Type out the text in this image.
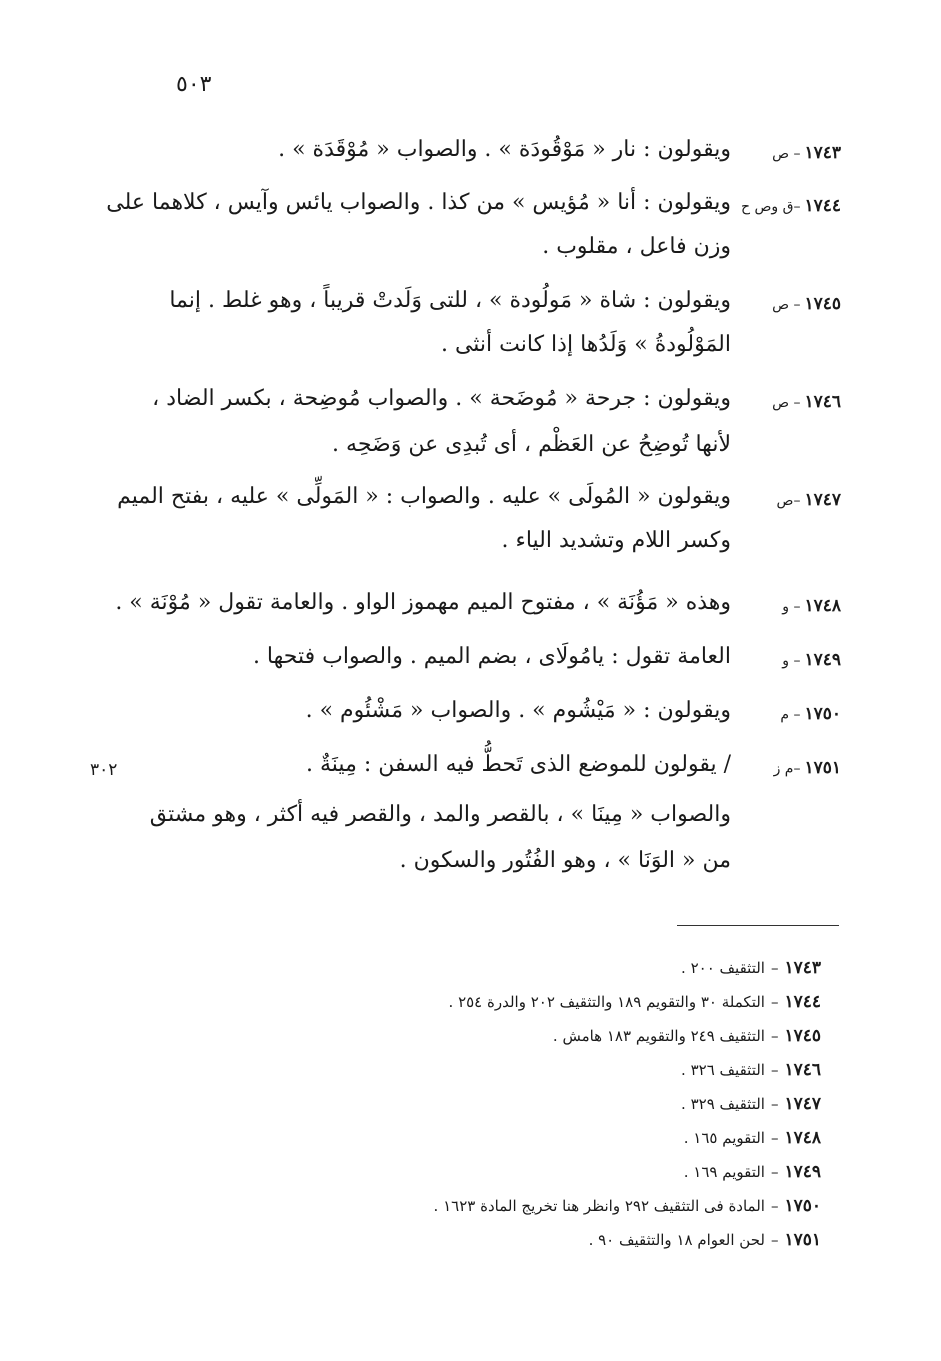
٥٠٣
١٧٤٣– ص
ويقولون : نار « مَوْقُودَة » . والصواب « مُوْقَدَة » .
١٧٤٤–ق وص ح
ويقولون : أنا « مُؤيس » من كذا . والصواب يائس وآيس ، كلاهما على
وزن فاعل ، مقلوب .
١٧٤٥– ص
ويقولون : شاة « مَولُودة » ، للتى وَلَدتْ قريباً ، وهو غلط . إنما
المَوْلُودةُ » وَلَدُها إذا كانت أنثى .
١٧٤٦– ص
ويقولون : جرحة « مُوضَحة » . والصواب مُوضِحة ، بكسر الضاد ،
لأنها تُوضِحُ عن العَظْم ، أى تُبدِى عن وَضَحِه .
١٧٤٧–ص
ويقولون « المُولَى » عليه . والصواب : « المَولِّى » عليه ، بفتح الميم
وكسر اللام وتشديد الياء .
١٧٤٨– و
وهذه « مَؤُنَة » ، مفتوح الميم مهموز الواو . والعامة تقول « مُوْنَة » .
١٧٤٩– و
العامة تقول : يامُولَاى ، بضم الميم . والصواب فتحها .
١٧٥٠– م
ويقولون : « مَيْشُوم » . والصواب « مَشْئُوم » .
١٧٥١–م ز
/ يقولون للموضع الذى تَحطُّ فيه السفن : مِينَةٌ .
والصواب « مِينَا » ، بالقصر والمد ، والقصر فيه أكثر ، وهو مشتق
من « الوَنَا » ، وهو الفُتُور والسكون .
٣٠٢
١٧٤٣–التثقيف ٢٠٠ .
١٧٤٤–التكملة ٣٠ والتقويم ١٨٩ والتثقيف ٢٠٢ والدرة ٢٥٤ .
١٧٤٥–التثقيف ٢٤٩ والتقويم ١٨٣ هامش .
١٧٤٦–التثقيف ٣٢٦ .
١٧٤٧–التثقيف ٣٢٩ .
١٧٤٨–التقويم ١٦٥ .
١٧٤٩–التقويم ١٦٩ .
١٧٥٠–المادة فى التثقيف ٢٩٢ وانظر هنا تخريج المادة ١٦٢٣ .
١٧٥١–لحن العوام ١٨ والتثقيف ٩٠ .
